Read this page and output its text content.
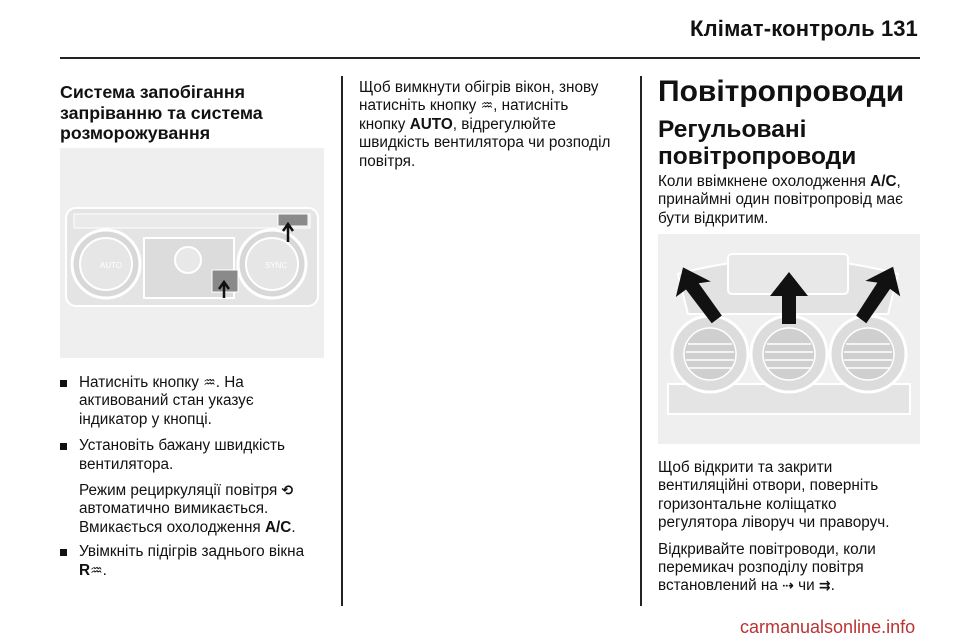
Клімат-контроль 131
Система запобігання
запріванню та система
розморожування
AUTO	SYNC
Натисніть кнопку ♒. На
активований стан указує
індикатор у кнопці.
Установіть бажану швидкість
вентилятора.
Режим рециркуляції повітря ⟲
автоматично вимикається.
Вмикається охолодження A/C.
Увімкніть підігрів заднього вікна
R♒.
Щоб вимкнути обігрів вікон, знову
натисніть кнопку ♒, натисніть
кнопку AUTO, відрегулюйте
швидкість вентилятора чи розподіл
повітря.
Повітропроводи
Регульовані
повітропроводи
Коли ввімкнене охолодження A/C,
принаймні один повітропровід має
бути відкритим.

Щоб відкрити та закрити
вентиляційні отвори, поверніть
горизонтальне коліщатко
регулятора ліворуч чи праворуч.

Відкривайте повітроводи, коли
перемикач розподілу повітря
встановлений на ⇢ чи ⇉.

carmanualsonline.info
